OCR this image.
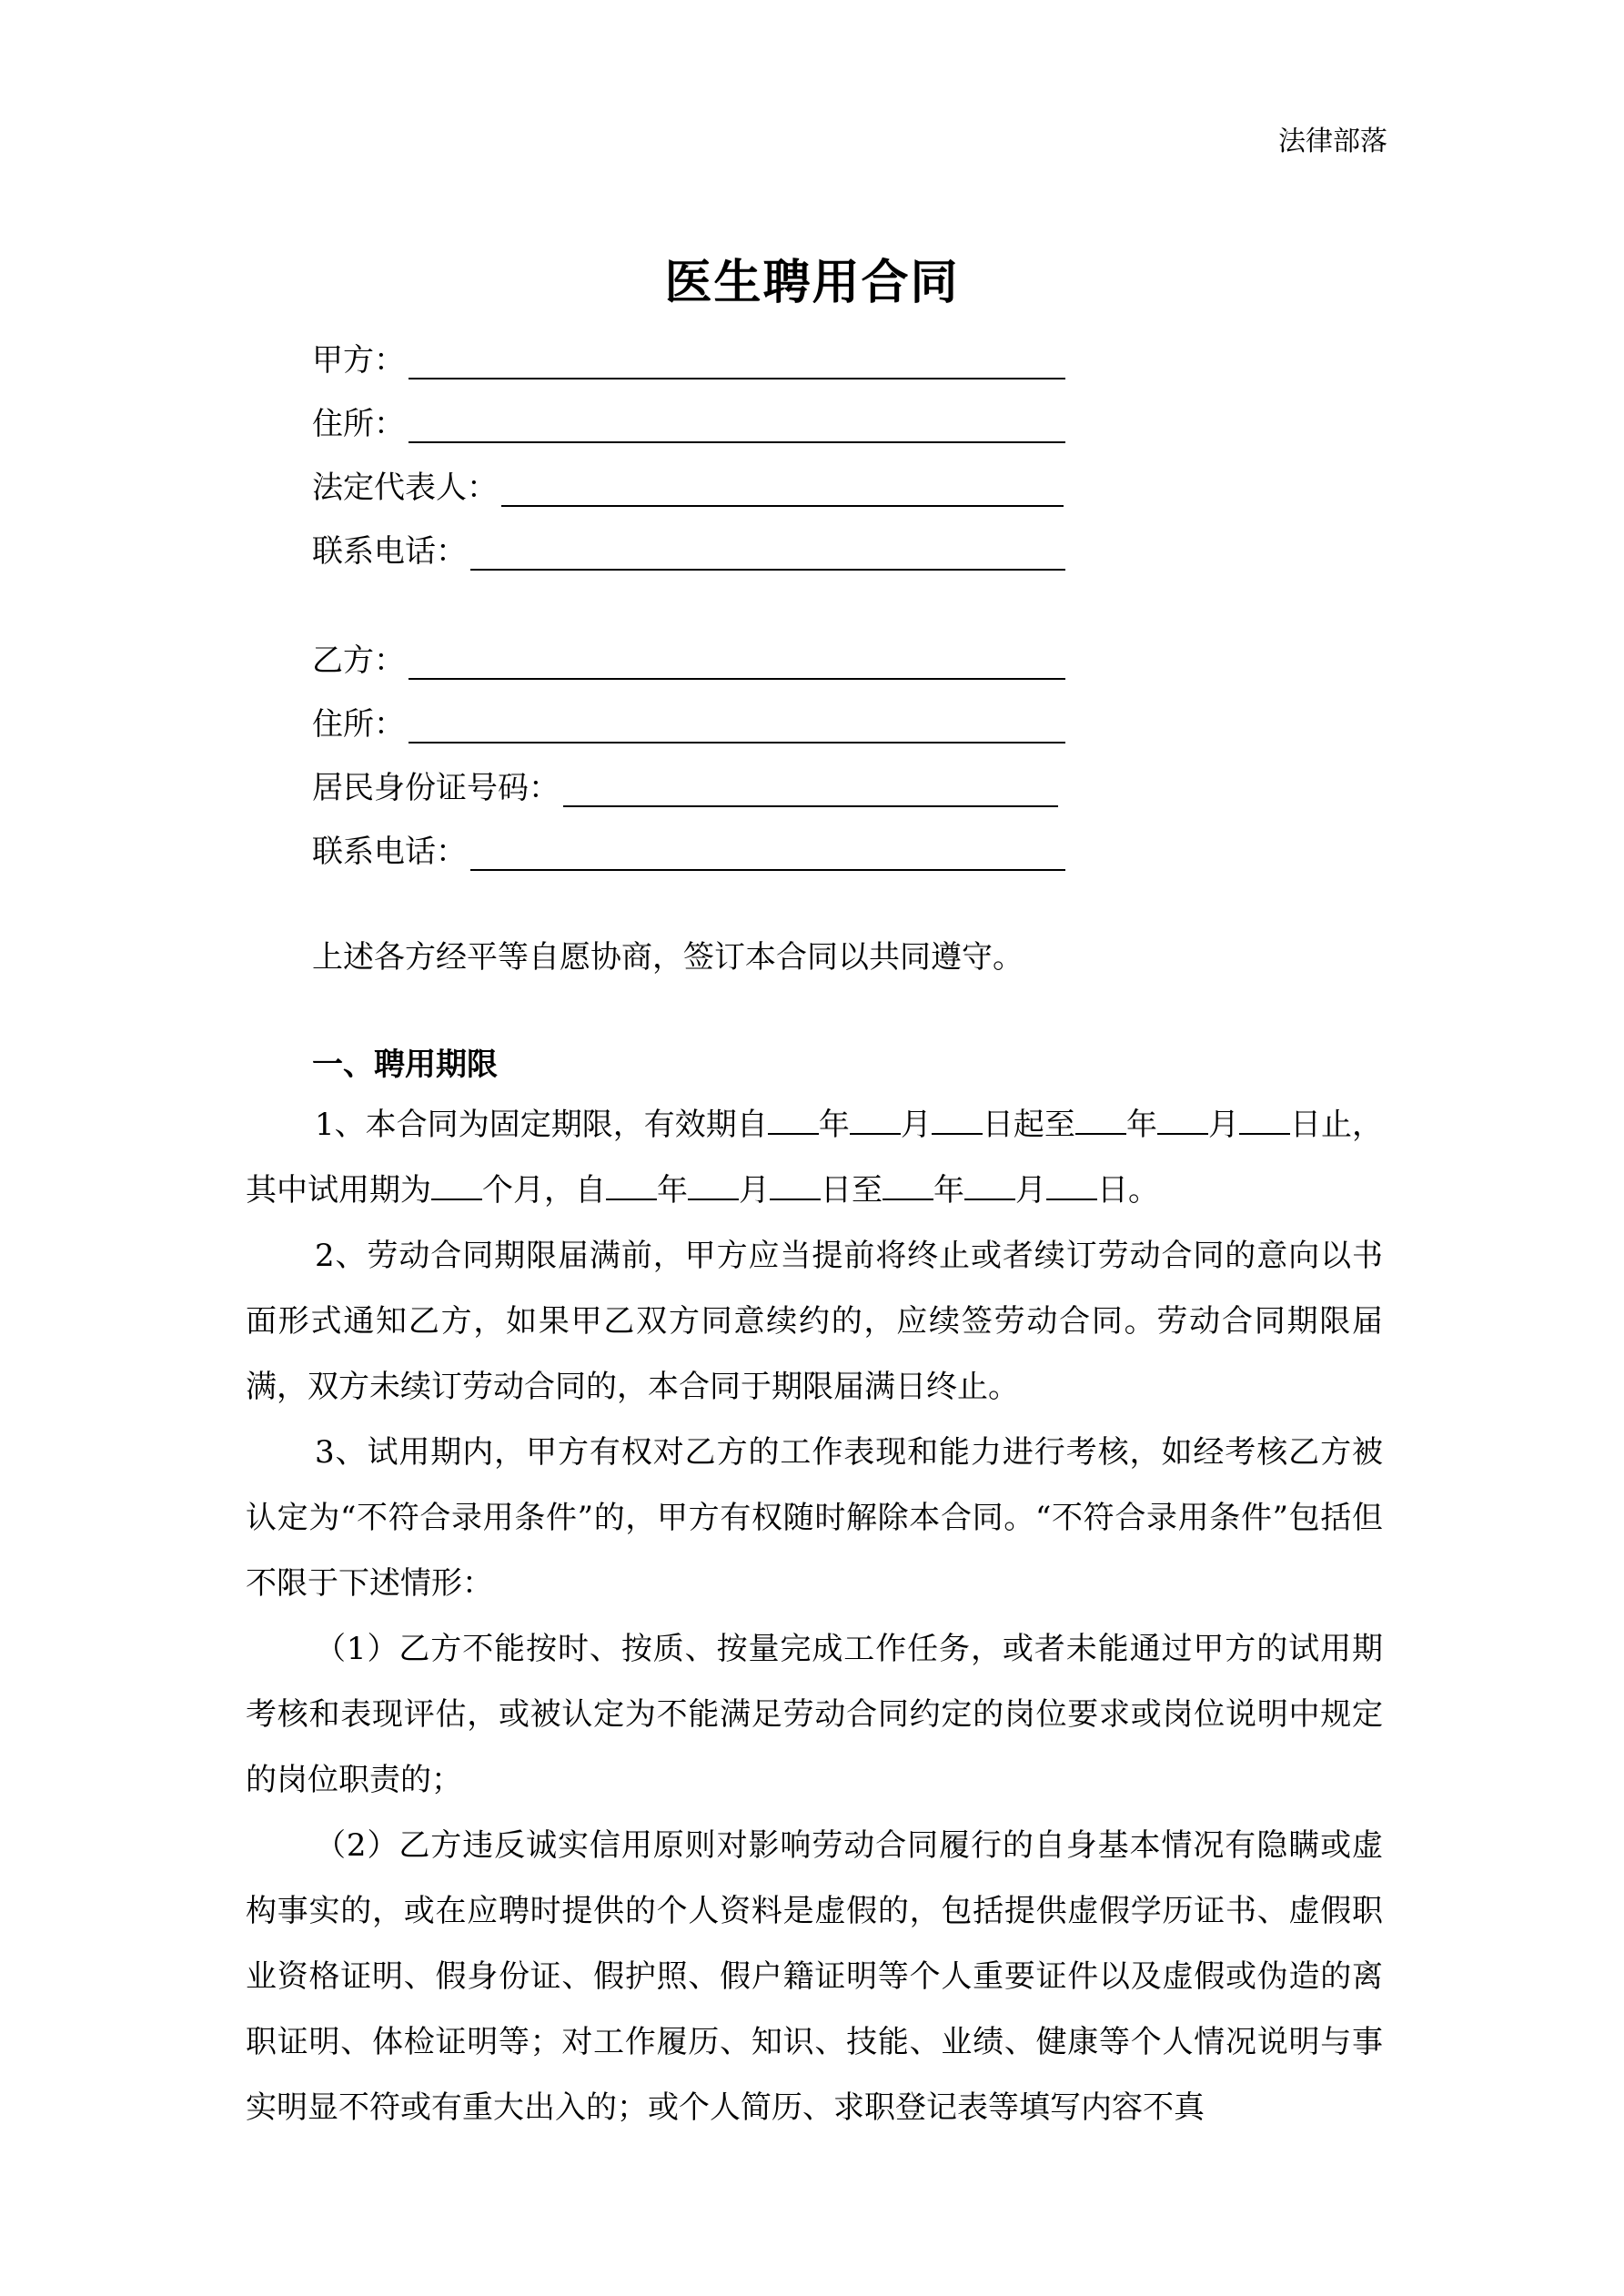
法律部落
医生聘用合同
甲方：
住所：
法定代表人：
联系电话：
乙方：
住所：
居民身份证号码：
联系电话：
上述各方经平等自愿协商，签订本合同以共同遵守。
一、聘用期限
1、本合同为固定期限，有效期自 年 月 日起至 年 月 日止， 其中试用期为 个月，自 年 月 日至 年 月 日。
2、劳动合同期限届满前，甲方应当提前将终止或者续订劳动合同的意向以书面形式通知乙方，如果甲乙双方同意续约的，应续签劳动合同。劳动合同期限届满，双方未续订劳动合同的，本合同于期限届满日终止。
3、试用期内，甲方有权对乙方的工作表现和能力进行考核，如经考核乙方被认定为“不符合录用条件”的，甲方有权随时解除本合同。“不符合录用条件”包括但不限于下述情形：
（1）乙方不能按时、按质、按量完成工作任务，或者未能通过甲方的试用期考核和表现评估，或被认定为不能满足劳动合同约定的岗位要求或岗位说明中规定的岗位职责的；
（2）乙方违反诚实信用原则对影响劳动合同履行的自身基本情况有隐瞒或虚构事实的，或在应聘时提供的个人资料是虚假的，包括提供虚假学历证书、虚假职业资格证明、假身份证、假护照、假户籍证明等个人重要证件以及虚假或伪造的离职证明、体检证明等；对工作履历、知识、技能、业绩、健康等个人情况说明与事实明显不符或有重大出入的；或个人简历、求职登记表等填写内容不真
